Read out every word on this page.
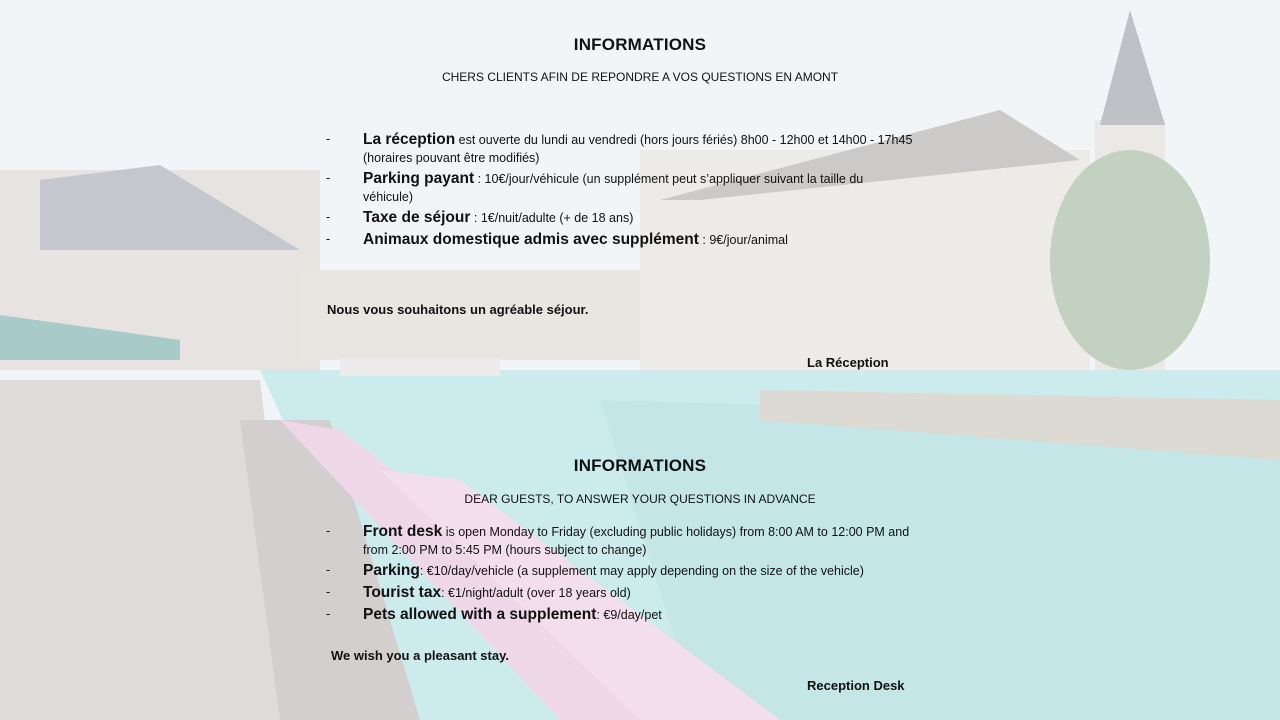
INFORMATIONS
CHERS CLIENTS AFIN DE REPONDRE A VOS QUESTIONS EN AMONT
- La réception est ouverte du lundi au vendredi (hors jours fériés) 8h00 - 12h00 et 14h00 - 17h45
(horaires pouvant être modifiés)
- Parking payant : 10€/jour/véhicule (un supplément peut s’appliquer suivant la taille du
véhicule)
- Taxe de séjour : 1€/nuit/adulte (+ de 18 ans)
- Animaux domestique admis avec supplément : 9€/jour/animal
Nous vous souhaitons un agréable séjour.
La Réception
INFORMATIONS
DEAR GUESTS, TO ANSWER YOUR QUESTIONS IN ADVANCE
- Front desk is open Monday to Friday (excluding public holidays) from 8:00 AM to 12:00 PM and
from 2:00 PM to 5:45 PM (hours subject to change)
- Parking: €10/day/vehicle (a supplement may apply depending on the size of the vehicle)
- Tourist tax: €1/night/adult (over 18 years old)
- Pets allowed with a supplement: €9/day/pet
We wish you a pleasant stay.
Reception Desk
